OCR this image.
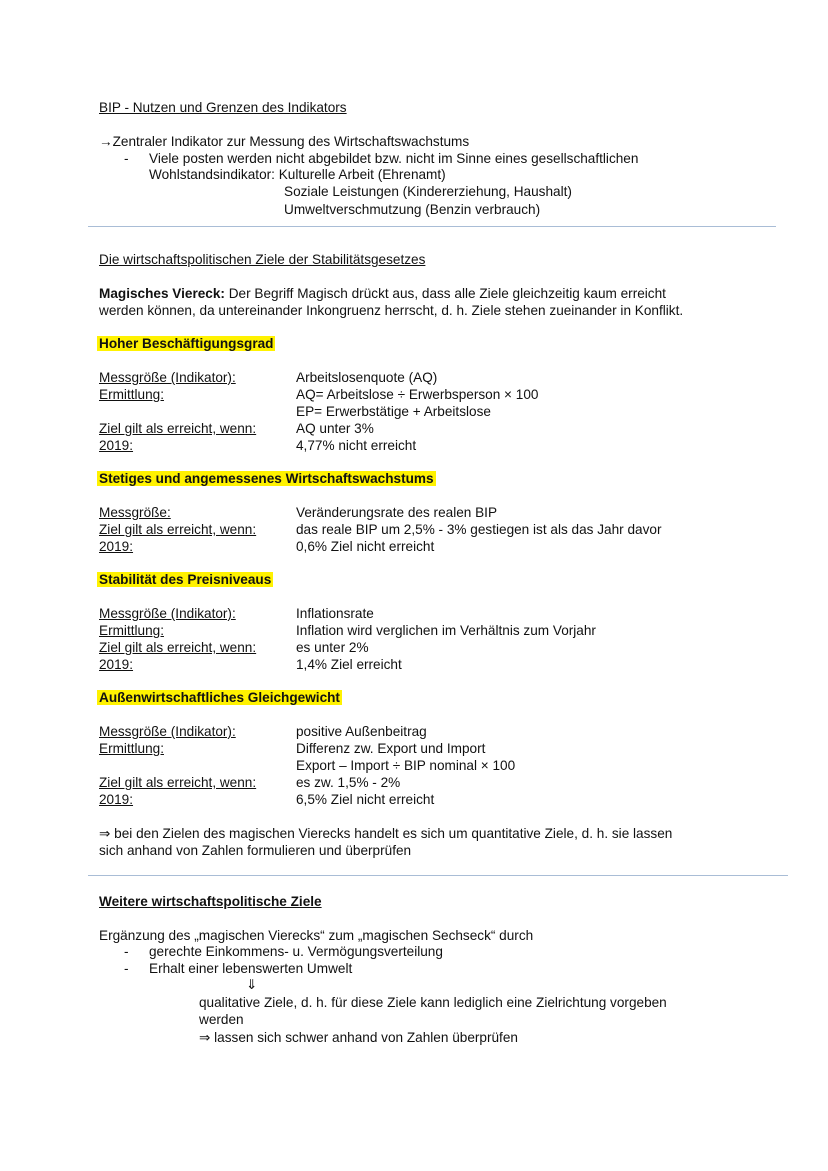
BIP - Nutzen und Grenzen des Indikators
→Zentraler Indikator zur Messung des Wirtschaftswachstums
- Viele posten werden nicht abgebildet bzw. nicht im Sinne eines gesellschaftlichen
Wohlstandsindikator: Kulturelle Arbeit (Ehrenamt)
Soziale Leistungen (Kindererziehung, Haushalt)
Umweltverschmutzung (Benzin verbrauch)
Die wirtschaftspolitischen Ziele der Stabilitätsgesetzes
Magisches Viereck: Der Begriff Magisch drückt aus, dass alle Ziele gleichzeitig kaum erreicht
werden können, da untereinander Inkongruenz herrscht, d. h. Ziele stehen zueinander in Konflikt.
Hoher Beschäftigungsgrad
Messgröße (Indikator):	Arbeitslosenquote (AQ)
Ermittlung:	AQ= Arbeitslose ÷ Erwerbsperson × 100
EP= Erwerbstätige + Arbeitslose
Ziel gilt als erreicht, wenn:	AQ unter 3%
2019:	4,77% nicht erreicht
Stetiges und angemessenes Wirtschaftswachstums
Messgröße:	Veränderungsrate des realen BIP
Ziel gilt als erreicht, wenn:	das reale BIP um 2,5% - 3% gestiegen ist als das Jahr davor
2019:	0,6% Ziel nicht erreicht
Stabilität des Preisniveaus
Messgröße (Indikator):	Inflationsrate
Ermittlung:	Inflation wird verglichen im Verhältnis zum Vorjahr
Ziel gilt als erreicht, wenn:	es unter 2%
2019:	1,4% Ziel erreicht
Außenwirtschaftliches Gleichgewicht
Messgröße (Indikator):	positive Außenbeitrag
Ermittlung:	Differenz zw. Export und Import
Export – Import ÷ BIP nominal × 100
Ziel gilt als erreicht, wenn:	es zw. 1,5% - 2%
2019:	6,5% Ziel nicht erreicht
⇒ bei den Zielen des magischen Vierecks handelt es sich um quantitative Ziele, d. h. sie lassen
sich anhand von Zahlen formulieren und überprüfen
Weitere wirtschaftspolitische Ziele
Ergänzung des „magischen Vierecks“ zum „magischen Sechseck“ durch
- gerechte Einkommens- u. Vermögungsverteilung
- Erhalt einer lebenswerten Umwelt
⇓
qualitative Ziele, d. h. für diese Ziele kann lediglich eine Zielrichtung vorgeben
werden
⇒ lassen sich schwer anhand von Zahlen überprüfen
